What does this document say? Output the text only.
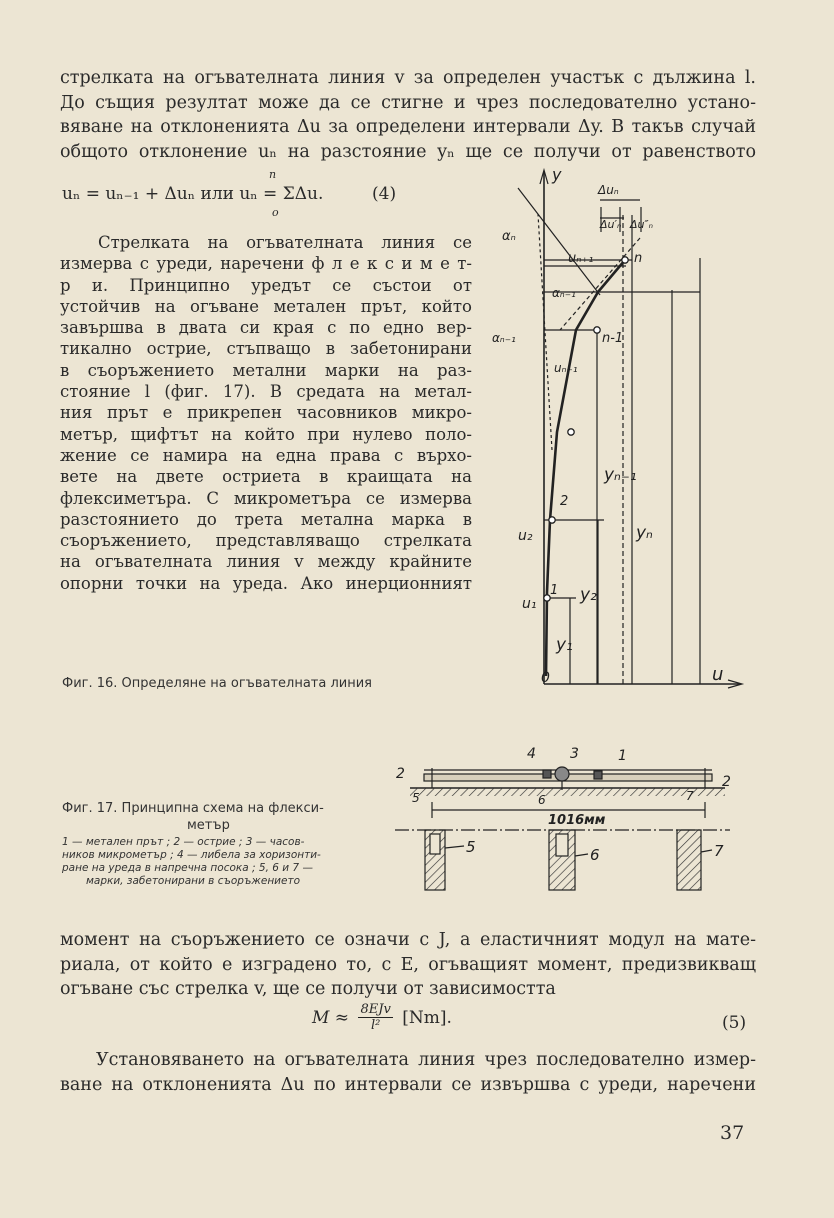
стрелката на огъвателната линия v за определен участък с дължина l.
До същия резултат може да се стигне и чрез последователно устано-
вяване на отклоненията Δu за определени интервали Δy. В такъв случай
общото отклонение uₙ на разстояние yₙ ще се получи от равенството
uₙ = uₙ₋₁ + Δuₙ или uₙ = ΣΔu.
n
o
(4)
Стрелката на огъвателната линия се
измерва с уреди, наречени ф л е к с и м е т-
р и. Принципно уредът се състои от
устойчив на огъване метален прът, който
завършва в двата си края с по едно вер-
тикално острие, стъпващо в забетонирани
в съоръжението метални марки на раз-
стояние l (фиг. 17). В средата на метал-
ния прът е прикрепен часовников микро-
метър, щифтът на който при нулево поло-
жение се намира на една права с върхо-
вете на двете остриета в краищата на
флексиметъра. С микрометъра се измерва
разстоянието до трета метална марка в
съоръжението, представляващо стрелката
на огъвателната линия v между крайните
опорни точки на уреда. Ако инерционният
y
u
0
αₙ
αₙ₋₁
αₙ₋₁
Δuₙ
Δu′ₙ Δu″ₙ
uₙ₊₁
uₙ₋₁
n
n-1
2
1
yₙ₋₁
yₙ
y₂
y₁
u₂
u₁
Фиг. 16. Определяне на огъвателната линия
Фиг. 17. Принципна схема на флекси-
метър
1 — метален прът ; 2 — острие ; 3 — часов-
ников микрометър ; 4 — либела за хоризонти-
ране на уреда в напречна посока ; 5, 6 и 7 —
марки, забетонирани в съоръжението
1
2	2
3
4
5	6	7
1016мм
5	6	7
момент на съоръжението се означи с J, а еластичният модул на мате-
риала, от който е изградено то, с E, огъващият момент, предизвикващ
огъване със стрелка v, ще се получи от зависимостта
M ≈ 8EJv
l²	[Nm].	(5)
Установяването на огъвателната линия чрез последователно измер-
ване на отклоненията Δu по интервали се извършва с уреди, наречени
37
